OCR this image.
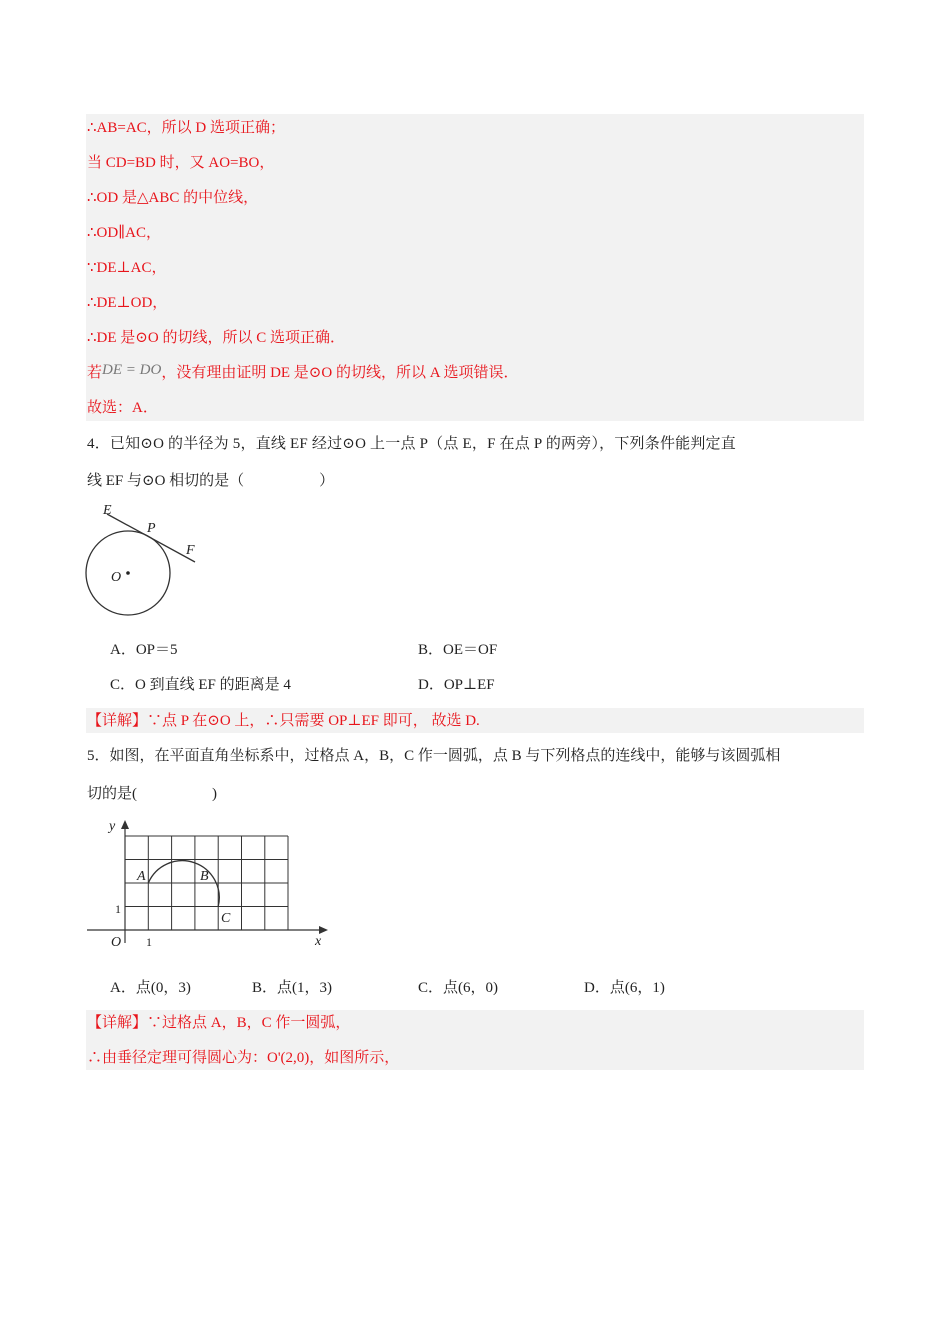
∴AB=AC，所以 D 选项正确；
当 CD=BD 时，又 AO=BO，
∴OD 是△ABC 的中位线，
∴OD∥AC，
∵DE⊥AC，
∴DE⊥OD，
∴DE 是⊙O 的切线，所以 C 选项正确．
若DE = DO，没有理由证明 DE 是⊙O 的切线，所以 A 选项错误．
故选：A．
4．已知⊙O 的半径为 5，直线 EF 经过⊙O 上一点 P（点 E，F 在点 P 的两旁），下列条件能判定直
线 EF 与⊙O 相切的是（　　　　　）
E
P
F
O
A．OP＝5	B．OE＝OF
C．O 到直线 EF 的距离是 4	D．OP⊥EF
【详解】∵点 P 在⊙O 上，∴只需要 OP⊥EF 即可， 故选 D.
5．如图，在平面直角坐标系中，过格点 A，B，C 作一圆弧，点 B 与下列格点的连线中，能够与该圆弧相
切的是(　　　　　)
y
x
O 1
1
A	B
C
A．点(0，3)	B．点(1，3)	C．点(6，0)	D．点(6，1)
【详解】∵过格点 A，B，C 作一圆弧，
∴由垂径定理可得圆心为：O'(2,0)，如图所示，
